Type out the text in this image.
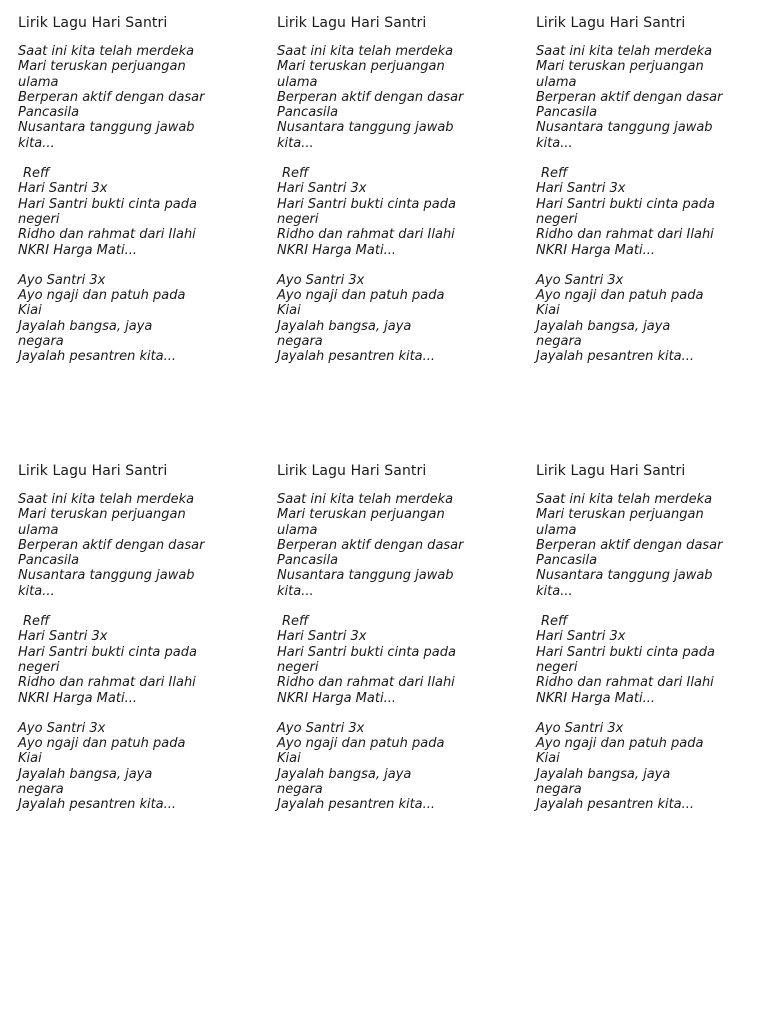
Lirik Lagu Hari Santri
Saat ini kita telah merdeka
Mari teruskan perjuangan
ulama
Berperan aktif dengan dasar
Pancasila
Nusantara tanggung jawab
kita...
Reff
Hari Santri 3x
Hari Santri bukti cinta pada
negeri
Ridho dan rahmat dari Ilahi
NKRI Harga Mati...
Ayo Santri 3x
Ayo ngaji dan patuh pada
Kiai
Jayalah bangsa, jaya
negara
Jayalah pesantren kita...
Lirik Lagu Hari Santri
Saat ini kita telah merdeka
Mari teruskan perjuangan
ulama
Berperan aktif dengan dasar
Pancasila
Nusantara tanggung jawab
kita...
Reff
Hari Santri 3x
Hari Santri bukti cinta pada
negeri
Ridho dan rahmat dari Ilahi
NKRI Harga Mati...
Ayo Santri 3x
Ayo ngaji dan patuh pada
Kiai
Jayalah bangsa, jaya
negara
Jayalah pesantren kita...
Lirik Lagu Hari Santri
Saat ini kita telah merdeka
Mari teruskan perjuangan
ulama
Berperan aktif dengan dasar
Pancasila
Nusantara tanggung jawab
kita...
Reff
Hari Santri 3x
Hari Santri bukti cinta pada
negeri
Ridho dan rahmat dari Ilahi
NKRI Harga Mati...
Ayo Santri 3x
Ayo ngaji dan patuh pada
Kiai
Jayalah bangsa, jaya
negara
Jayalah pesantren kita...
Lirik Lagu Hari Santri
Saat ini kita telah merdeka
Mari teruskan perjuangan
ulama
Berperan aktif dengan dasar
Pancasila
Nusantara tanggung jawab
kita...
Reff
Hari Santri 3x
Hari Santri bukti cinta pada
negeri
Ridho dan rahmat dari Ilahi
NKRI Harga Mati...
Ayo Santri 3x
Ayo ngaji dan patuh pada
Kiai
Jayalah bangsa, jaya
negara
Jayalah pesantren kita...
Lirik Lagu Hari Santri
Saat ini kita telah merdeka
Mari teruskan perjuangan
ulama
Berperan aktif dengan dasar
Pancasila
Nusantara tanggung jawab
kita...
Reff
Hari Santri 3x
Hari Santri bukti cinta pada
negeri
Ridho dan rahmat dari Ilahi
NKRI Harga Mati...
Ayo Santri 3x
Ayo ngaji dan patuh pada
Kiai
Jayalah bangsa, jaya
negara
Jayalah pesantren kita...
Lirik Lagu Hari Santri
Saat ini kita telah merdeka
Mari teruskan perjuangan
ulama
Berperan aktif dengan dasar
Pancasila
Nusantara tanggung jawab
kita...
Reff
Hari Santri 3x
Hari Santri bukti cinta pada
negeri
Ridho dan rahmat dari Ilahi
NKRI Harga Mati...
Ayo Santri 3x
Ayo ngaji dan patuh pada
Kiai
Jayalah bangsa, jaya
negara
Jayalah pesantren kita...
